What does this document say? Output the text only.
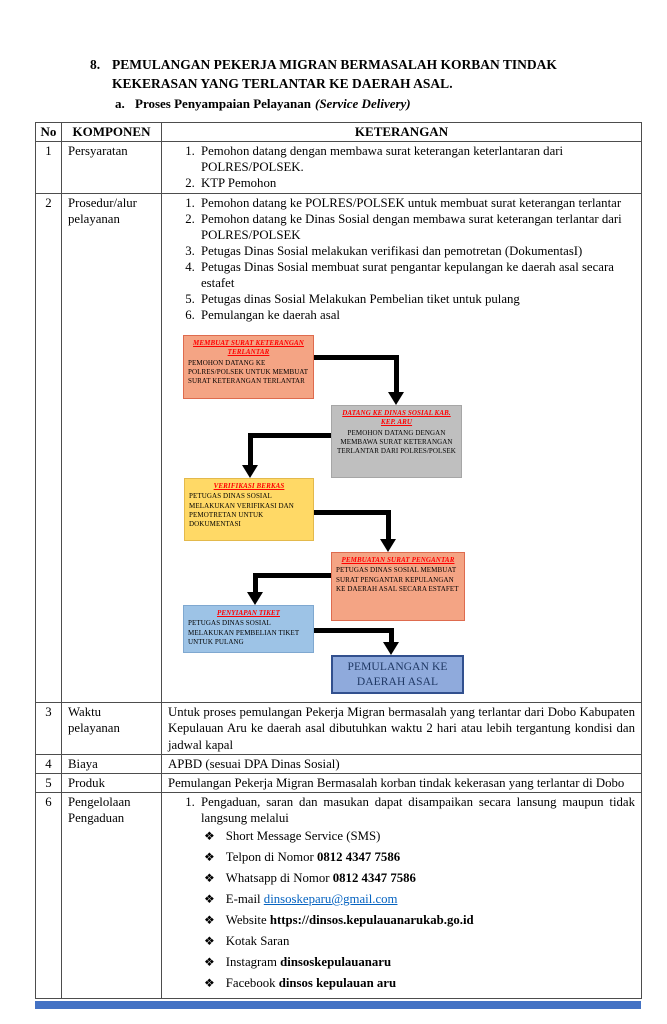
8. PEMULANGAN PEKERJA MIGRAN BERMASALAH KORBAN TINDAK KEKERASAN YANG TERLANTAR KE DAERAH ASAL.
a. Proses Penyampaian Pelayanan (Service Delivery)
No	KOMPONEN	KETERANGAN
1	Persyaratan	
1.Pemohon datang dengan membawa surat keterangan keterlantaran dari POLRES/POLSEK.
2. KTP Pemohon

2	Prosedur/alur pelayanan	
1. Pemohon datang ke POLRES/POLSEK untuk membuat surat keterangan terlantar
2. Pemohon datang ke Dinas Sosial dengan membawa surat keterangan terlantar dari POLRES/POLSEK
3. Petugas Dinas Sosial melakukan verifikasi dan pemotretan (DokumentasI)
4. Petugas Dinas Sosial membuat surat pengantar kepulangan ke daerah asal secara estafet
5. Petugas dinas Sosial Melakukan Pembelian tiket untuk pulang
6. Pemulangan ke daerah asal
MEMBUAT SURAT KETERANGAN TERLANTAR
PEMOHON DATANG KE POLRES/POLSEK UNTUK MEMBUAT SURAT KETERANGAN TERLANTAR
DATANG KE DINAS SOSIAL KAB. KEP. ARU
PEMOHON DATANG DENGAN MEMBAWA SURAT KETERANGAN TERLANTAR DARI POLRES/POLSEK
VERIFIKASI BERKAS
PETUGAS DINAS SOSIAL MELAKUKAN VERIFIKASI DAN PEMOTRETAN UNTUK DOKUMENTASI
PEMBUATAN SURAT PENGANTAR
PETUGAS DINAS SOSIAL MEMBUAT SURAT PENGANTAR KEPULANGAN KE DAERAH ASAL SECARA ESTAFET
PENYIAPAN TIKET
PETUGAS DINAS SOSIAL MELAKUKAN PEMBELIAN TIKET UNTUK PULANG
PEMULANGAN KE DAERAH ASAL

3	Waktu pelayanan	Untuk proses pemulangan Pekerja Migran bermasalah yang terlantar dari Dobo Kabupaten Kepulauan Aru ke daerah asal dibutuhkan waktu 2 hari atau lebih tergantung kondisi dan jadwal kapal
4	Biaya	APBD (sesuai DPA Dinas Sosial)
5	Produk	Pemulangan Pekerja Migran Bermasalah korban tindak kekerasan yang terlantar di Dobo
6	Pengelolaan Pengaduan	
1. Pengaduan, saran dan masukan dapat disampaikan secara lansung maupun tidak langsung melalui
❖ Short Message Service (SMS)
❖ Telpon di Nomor 0812 4347 7586
❖ Whatsapp di Nomor 0812 4347 7586
❖ E-mail dinsoskeparu@gmail.com
❖ Website https://dinsos.kepulauanarukab.go.id
❖ Kotak Saran
❖ Instagram dinsoskepulauanaru
❖ Facebook dinsos kepulauan aru
